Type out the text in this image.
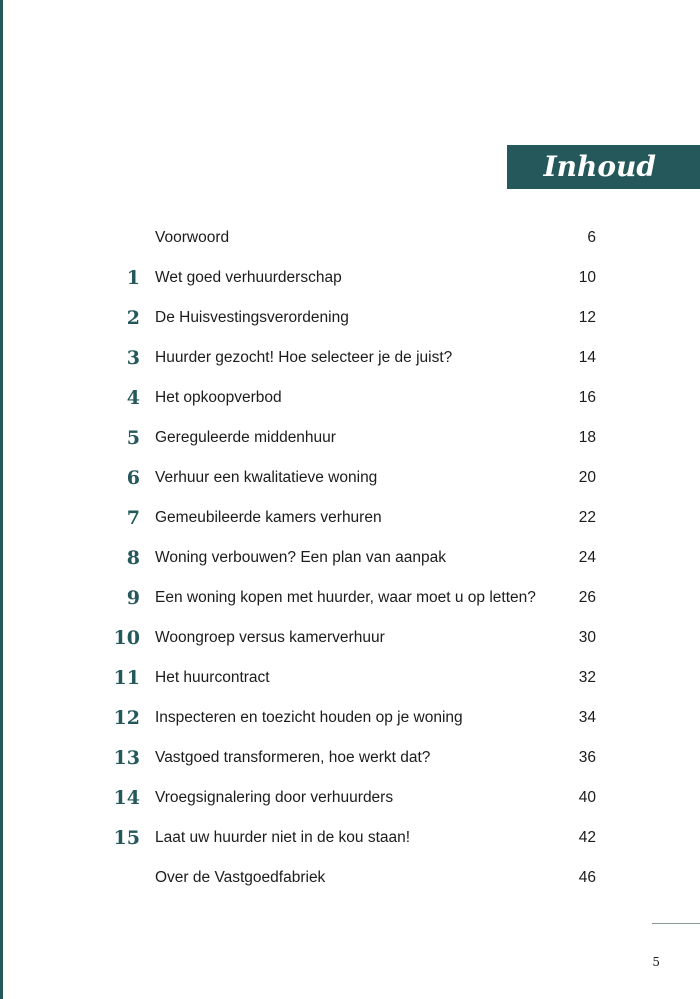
Inhoud
Voorwoord	6
1 Wet goed verhuurderschap	10
2 De Huisvestingsverordening	12
3 Huurder gezocht! Hoe selecteer je de juist?	14
4 Het opkoopverbod	16
5 Gereguleerde middenhuur	18
6 Verhuur een kwalitatieve woning	20
7 Gemeubileerde kamers verhuren	22
8 Woning verbouwen? Een plan van aanpak	24
9 Een woning kopen met huurder, waar moet u op letten?	26
10 Woongroep versus kamerverhuur	30
11 Het huurcontract	32
12 Inspecteren en toezicht houden op je woning	34
13 Vastgoed transformeren, hoe werkt dat?	36
14 Vroegsignalering door verhuurders	40
15 Laat uw huurder niet in de kou staan!	42
Over de Vastgoedfabriek	46
5
